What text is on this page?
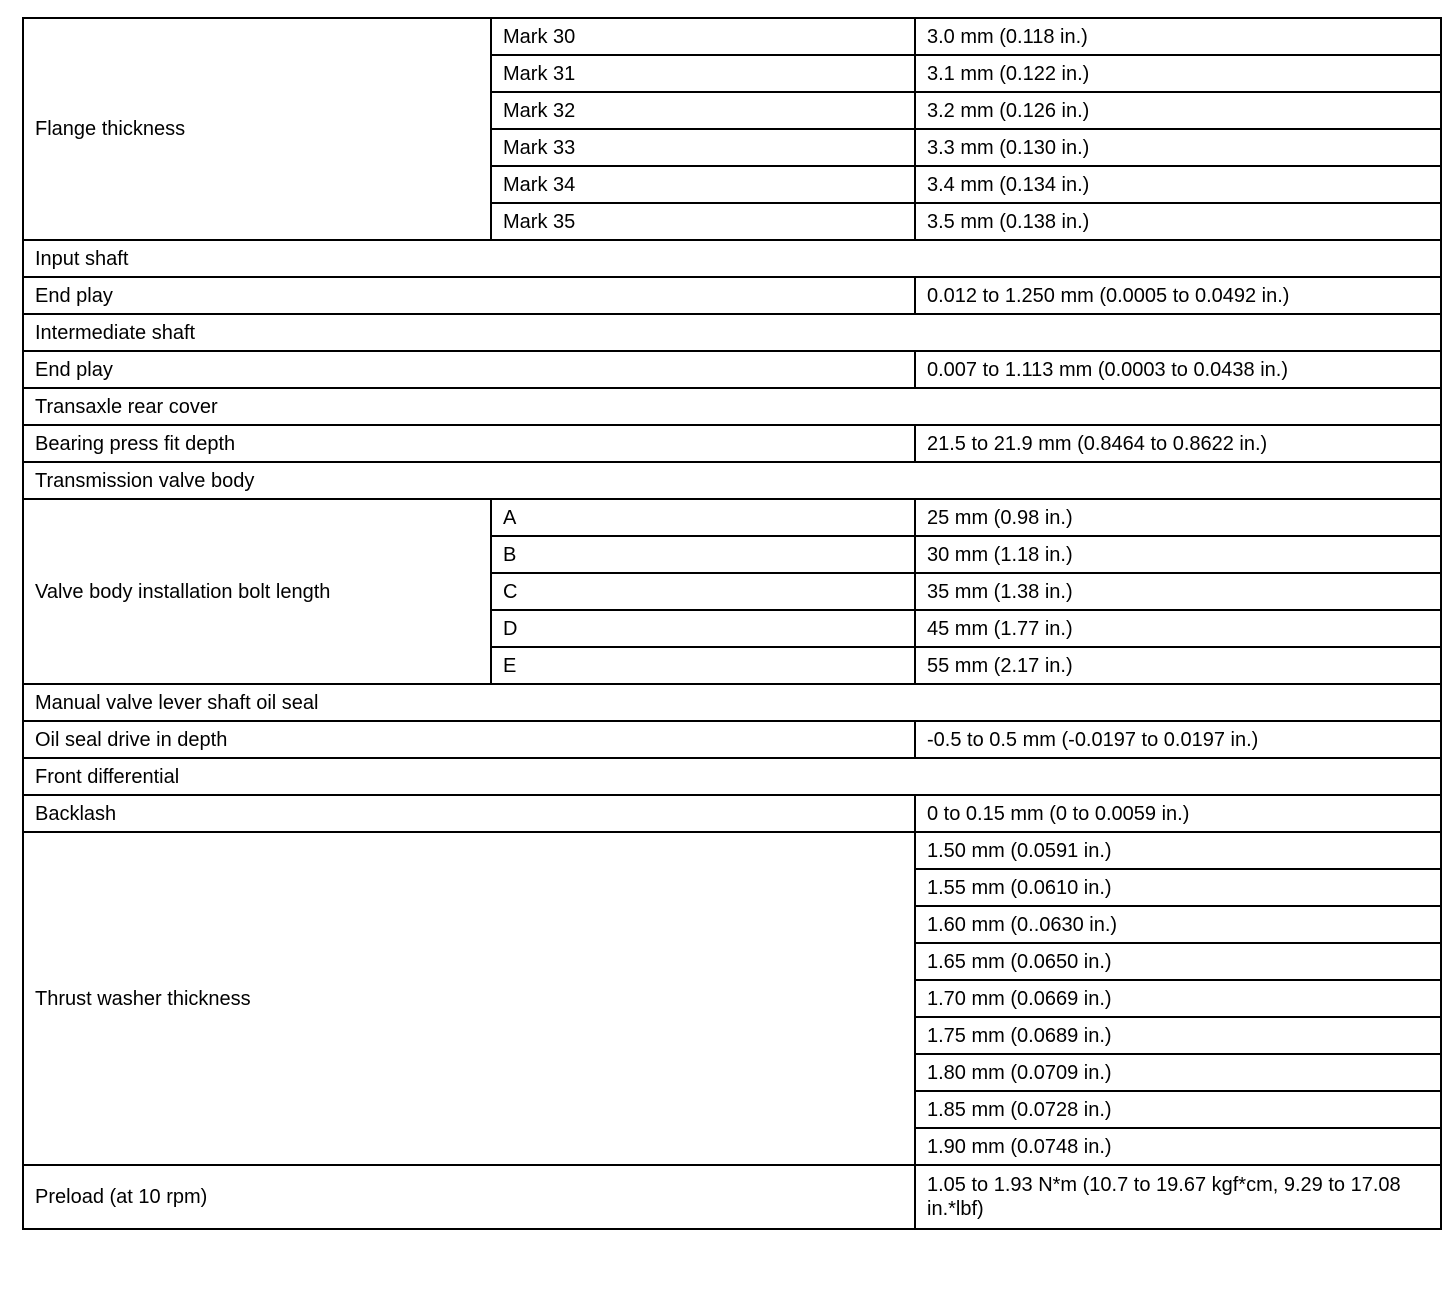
Flange thickness	Mark 30	3.0 mm (0.118 in.)
	Mark 31	3.1 mm (0.122 in.)
	Mark 32	3.2 mm (0.126 in.)
	Mark 33	3.3 mm (0.130 in.)
	Mark 34	3.4 mm (0.134 in.)
	Mark 35	3.5 mm (0.138 in.)
Input shaft		
End play		0.012 to 1.250 mm (0.0005 to 0.0492 in.)
Intermediate shaft		
End play		0.007 to 1.113 mm (0.0003 to 0.0438 in.)
Transaxle rear cover		
Bearing press fit depth		21.5 to 21.9 mm (0.8464 to 0.8622 in.)
Transmission valve body		
Valve body installation bolt length	A	25 mm (0.98 in.)
	B	30 mm (1.18 in.)
	C	35 mm (1.38 in.)
	D	45 mm (1.77 in.)
	E	55 mm (2.17 in.)
Manual valve lever shaft oil seal		
Oil seal drive in depth		-0.5 to 0.5 mm (-0.0197 to 0.0197 in.)
Front differential		
Backlash		0 to 0.15 mm (0 to 0.0059 in.)
Thrust washer thickness		1.50 mm (0.0591 in.)
		1.55 mm (0.0610 in.)
		1.60 mm (0..0630 in.)
		1.65 mm (0.0650 in.)
		1.70 mm (0.0669 in.)
		1.75 mm (0.0689 in.)
		1.80 mm (0.0709 in.)
		1.85 mm (0.0728 in.)
		1.90 mm (0.0748 in.)
Preload (at 10 rpm)		1.05 to 1.93 N*m (10.7 to 19.67 kgf*cm, 9.29 to 17.08 in.*lbf)
